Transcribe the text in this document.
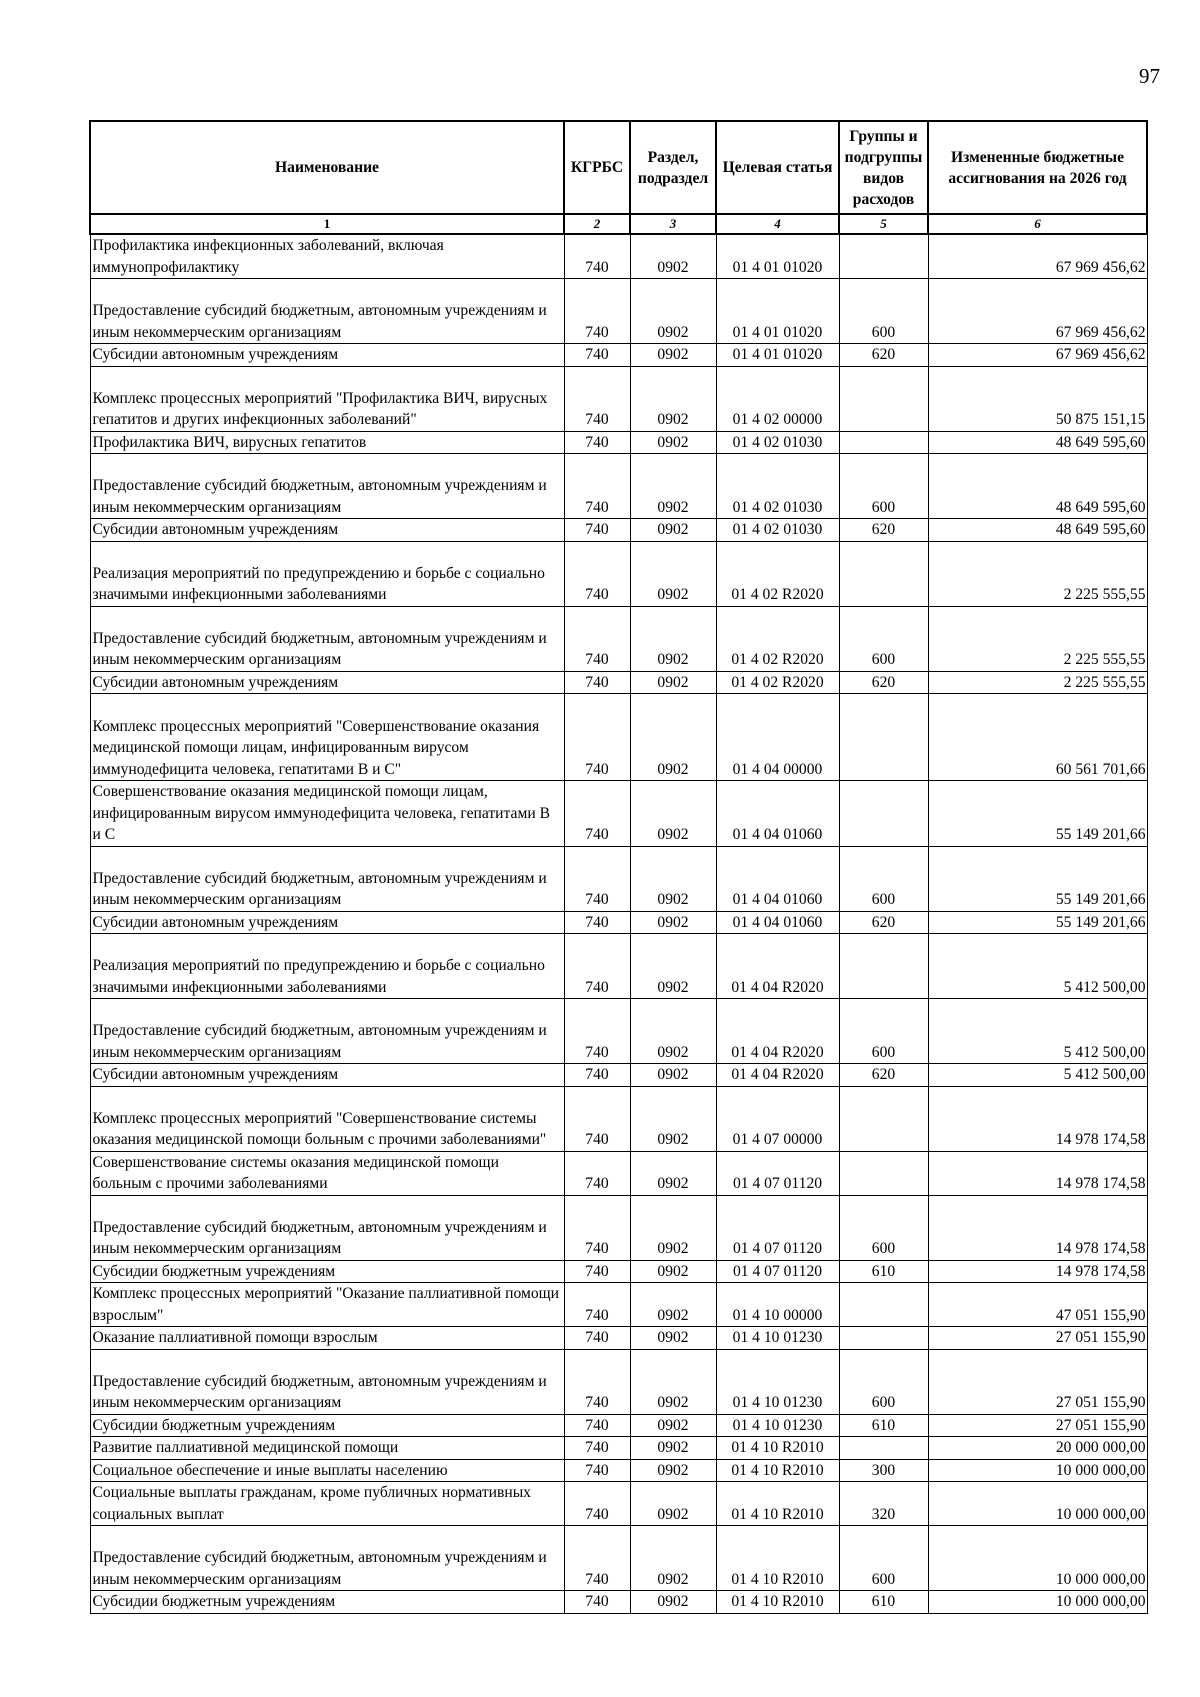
97
Наименование	КГРБС	Раздел, подраздел	Целевая статья	Группы и подгруппы видов расходов	Измененные бюджетные ассигнования на 2026 год
1	2	3	4	5	6
Профилактика инфекционных заболеваний, включая иммунопрофилактику	740	0902	01 4 01 01020		67 969 456,62
Предоставление субсидий бюджетным, автономным учреждениям и иным некоммерческим организациям	740	0902	01 4 01 01020	600	67 969 456,62
Субсидии автономным учреждениям	740	0902	01 4 01 01020	620	67 969 456,62
Комплекс процессных мероприятий "Профилактика ВИЧ, вирусных гепатитов и других инфекционных заболеваний"	740	0902	01 4 02 00000		50 875 151,15
Профилактика ВИЧ, вирусных гепатитов	740	0902	01 4 02 01030		48 649 595,60
Предоставление субсидий бюджетным, автономным учреждениям и иным некоммерческим организациям	740	0902	01 4 02 01030	600	48 649 595,60
Субсидии автономным учреждениям	740	0902	01 4 02 01030	620	48 649 595,60
Реализация мероприятий по предупреждению и борьбе с социально значимыми инфекционными заболеваниями	740	0902	01 4 02 R2020		2 225 555,55
Предоставление субсидий бюджетным, автономным учреждениям и иным некоммерческим организациям	740	0902	01 4 02 R2020	600	2 225 555,55
Субсидии автономным учреждениям	740	0902	01 4 02 R2020	620	2 225 555,55
Комплекс процессных мероприятий "Совершенствование оказания медицинской помощи лицам, инфицированным вирусом иммунодефицита человека, гепатитами В и С"	740	0902	01 4 04 00000		60 561 701,66
Совершенствование оказания медицинской помощи лицам, инфицированным вирусом иммунодефицита человека, гепатитами В и С	740	0902	01 4 04 01060		55 149 201,66
Предоставление субсидий бюджетным, автономным учреждениям и иным некоммерческим организациям	740	0902	01 4 04 01060	600	55 149 201,66
Субсидии автономным учреждениям	740	0902	01 4 04 01060	620	55 149 201,66
Реализация мероприятий по предупреждению и борьбе с социально значимыми инфекционными заболеваниями	740	0902	01 4 04 R2020		5 412 500,00
Предоставление субсидий бюджетным, автономным учреждениям и иным некоммерческим организациям	740	0902	01 4 04 R2020	600	5 412 500,00
Субсидии автономным учреждениям	740	0902	01 4 04 R2020	620	5 412 500,00
Комплекс процессных мероприятий "Совершенствование системы оказания медицинской помощи больным с прочими заболеваниями"	740	0902	01 4 07 00000		14 978 174,58
Совершенствование системы оказания медицинской помощи больным с прочими заболеваниями	740	0902	01 4 07 01120		14 978 174,58
Предоставление субсидий бюджетным, автономным учреждениям и иным некоммерческим организациям	740	0902	01 4 07 01120	600	14 978 174,58
Субсидии бюджетным учреждениям	740	0902	01 4 07 01120	610	14 978 174,58
Комплекс процессных мероприятий "Оказание паллиативной помощи взрослым"	740	0902	01 4 10 00000		47 051 155,90
Оказание паллиативной помощи взрослым	740	0902	01 4 10 01230		27 051 155,90
Предоставление субсидий бюджетным, автономным учреждениям и иным некоммерческим организациям	740	0902	01 4 10 01230	600	27 051 155,90
Субсидии бюджетным учреждениям	740	0902	01 4 10 01230	610	27 051 155,90
Развитие паллиативной медицинской помощи	740	0902	01 4 10 R2010		20 000 000,00
Социальное обеспечение и иные выплаты населению	740	0902	01 4 10 R2010	300	10 000 000,00
Социальные выплаты гражданам, кроме публичных нормативных социальных выплат	740	0902	01 4 10 R2010	320	10 000 000,00
Предоставление субсидий бюджетным, автономным учреждениям и иным некоммерческим организациям	740	0902	01 4 10 R2010	600	10 000 000,00
Субсидии бюджетным учреждениям	740	0902	01 4 10 R2010	610	10 000 000,00
